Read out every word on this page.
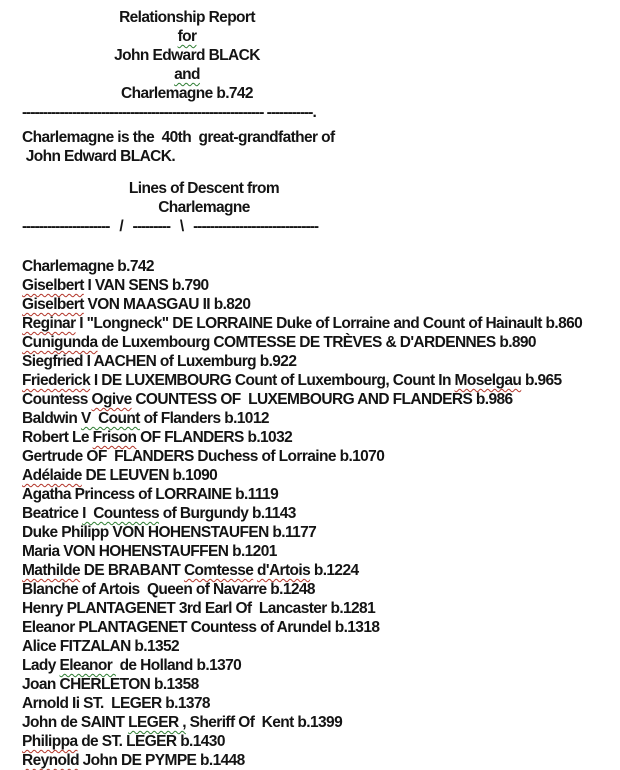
Relationship Report
for
John Edward BLACK
and
Charlemagne b.742
---------------------------------------------------------- -----------.
Charlemagne is the  40th  great-grandfather of
John Edward BLACK.
Lines of Descent from
Charlemagne
---------------------   /   ---------   \   ------------------------------
Charlemagne b.742
Giselbert I VAN SENS b.790
Giselbert VON MAASGAU II b.820
Reginar I "Longneck" DE LORRAINE Duke of Lorraine and Count of Hainault b.860
Cunigunda de Luxembourg COMTESSE DE TRÈVES & D'ARDENNES b.890
Siegfried I AACHEN of Luxemburg b.922
Friederick I DE LUXEMBOURG Count of Luxembourg, Count In Moselgau b.965
Countess Ogive COUNTESS OF  LUXEMBOURG AND FLANDERS b.986
Baldwin V  Count of Flanders b.1012
Robert Le Frison OF FLANDERS b.1032
Gertrude OF  FLANDERS Duchess of Lorraine b.1070
Adélaide DE LEUVEN b.1090
Agatha Princess of LORRAINE b.1119
Beatrice I  Countess of Burgundy b.1143
Duke Philipp VON HOHENSTAUFEN b.1177
Maria VON HOHENSTAUFFEN b.1201
Mathilde DE BRABANT Comtesse d'Artois b.1224
Blanche of Artois  Queen of Navarre b.1248
Henry PLANTAGENET 3rd Earl Of  Lancaster b.1281
Eleanor PLANTAGENET Countess of Arundel b.1318
Alice FITZALAN b.1352
Lady Eleanor  de Holland b.1370
Joan CHERLETON b.1358
Arnold Ii ST.  LEGER b.1378
John de SAINT LEGER , Sheriff Of  Kent b.1399
Philippa de ST. LEGER b.1430
Reynold John DE PYMPE b.1448
